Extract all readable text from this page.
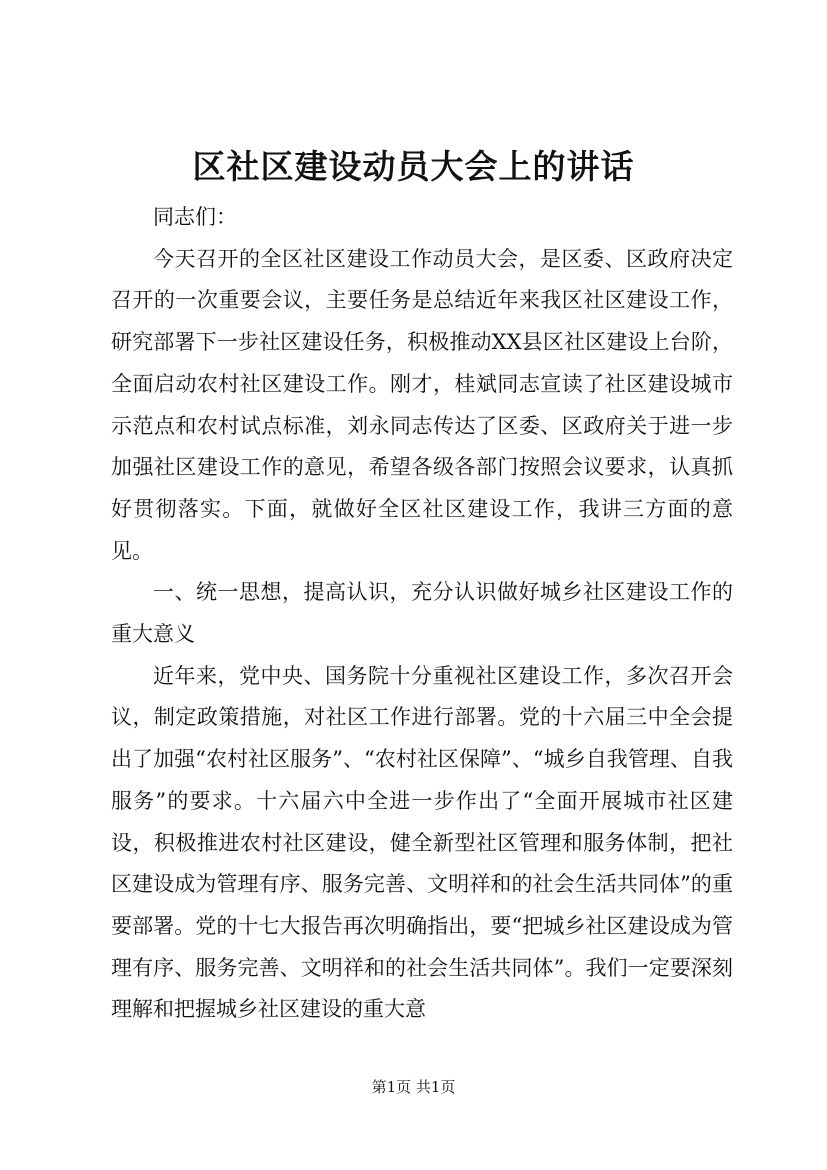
区社区建设动员大会上的讲话

同志们：

今天召开的全区社区建设工作动员大会，是区委、区政府决定召开的一次重要会议，主要任务是总结近年来我区社区建设工作，研究部署下一步社区建设任务，积极推动XX县区社区建设上台阶，全面启动农村社区建设工作。刚才，桂斌同志宣读了社区建设城市示范点和农村试点标准，刘永同志传达了区委、区政府关于进一步加强社区建设工作的意见，希望各级各部门按照会议要求，认真抓好贯彻落实。下面，就做好全区社区建设工作，我讲三方面的意见。

一、统一思想，提高认识，充分认识做好城乡社区建设工作的重大意义

近年来，党中央、国务院十分重视社区建设工作，多次召开会议，制定政策措施，对社区工作进行部署。党的十六届三中全会提出了加强“农村社区服务”、“农村社区保障”、“城乡自我管理、自我服务”的要求。十六届六中全进一步作出了“全面开展城市社区建设，积极推进农村社区建设，健全新型社区管理和服务体制，把社区建设成为管理有序、服务完善、文明祥和的社会生活共同体”的重要部署。党的十七大报告再次明确指出，要“把城乡社区建设成为管理有序、服务完善、文明祥和的社会生活共同体”。我们一定要深刻理解和把握城乡社区建设的重大意

第1页 共1页
